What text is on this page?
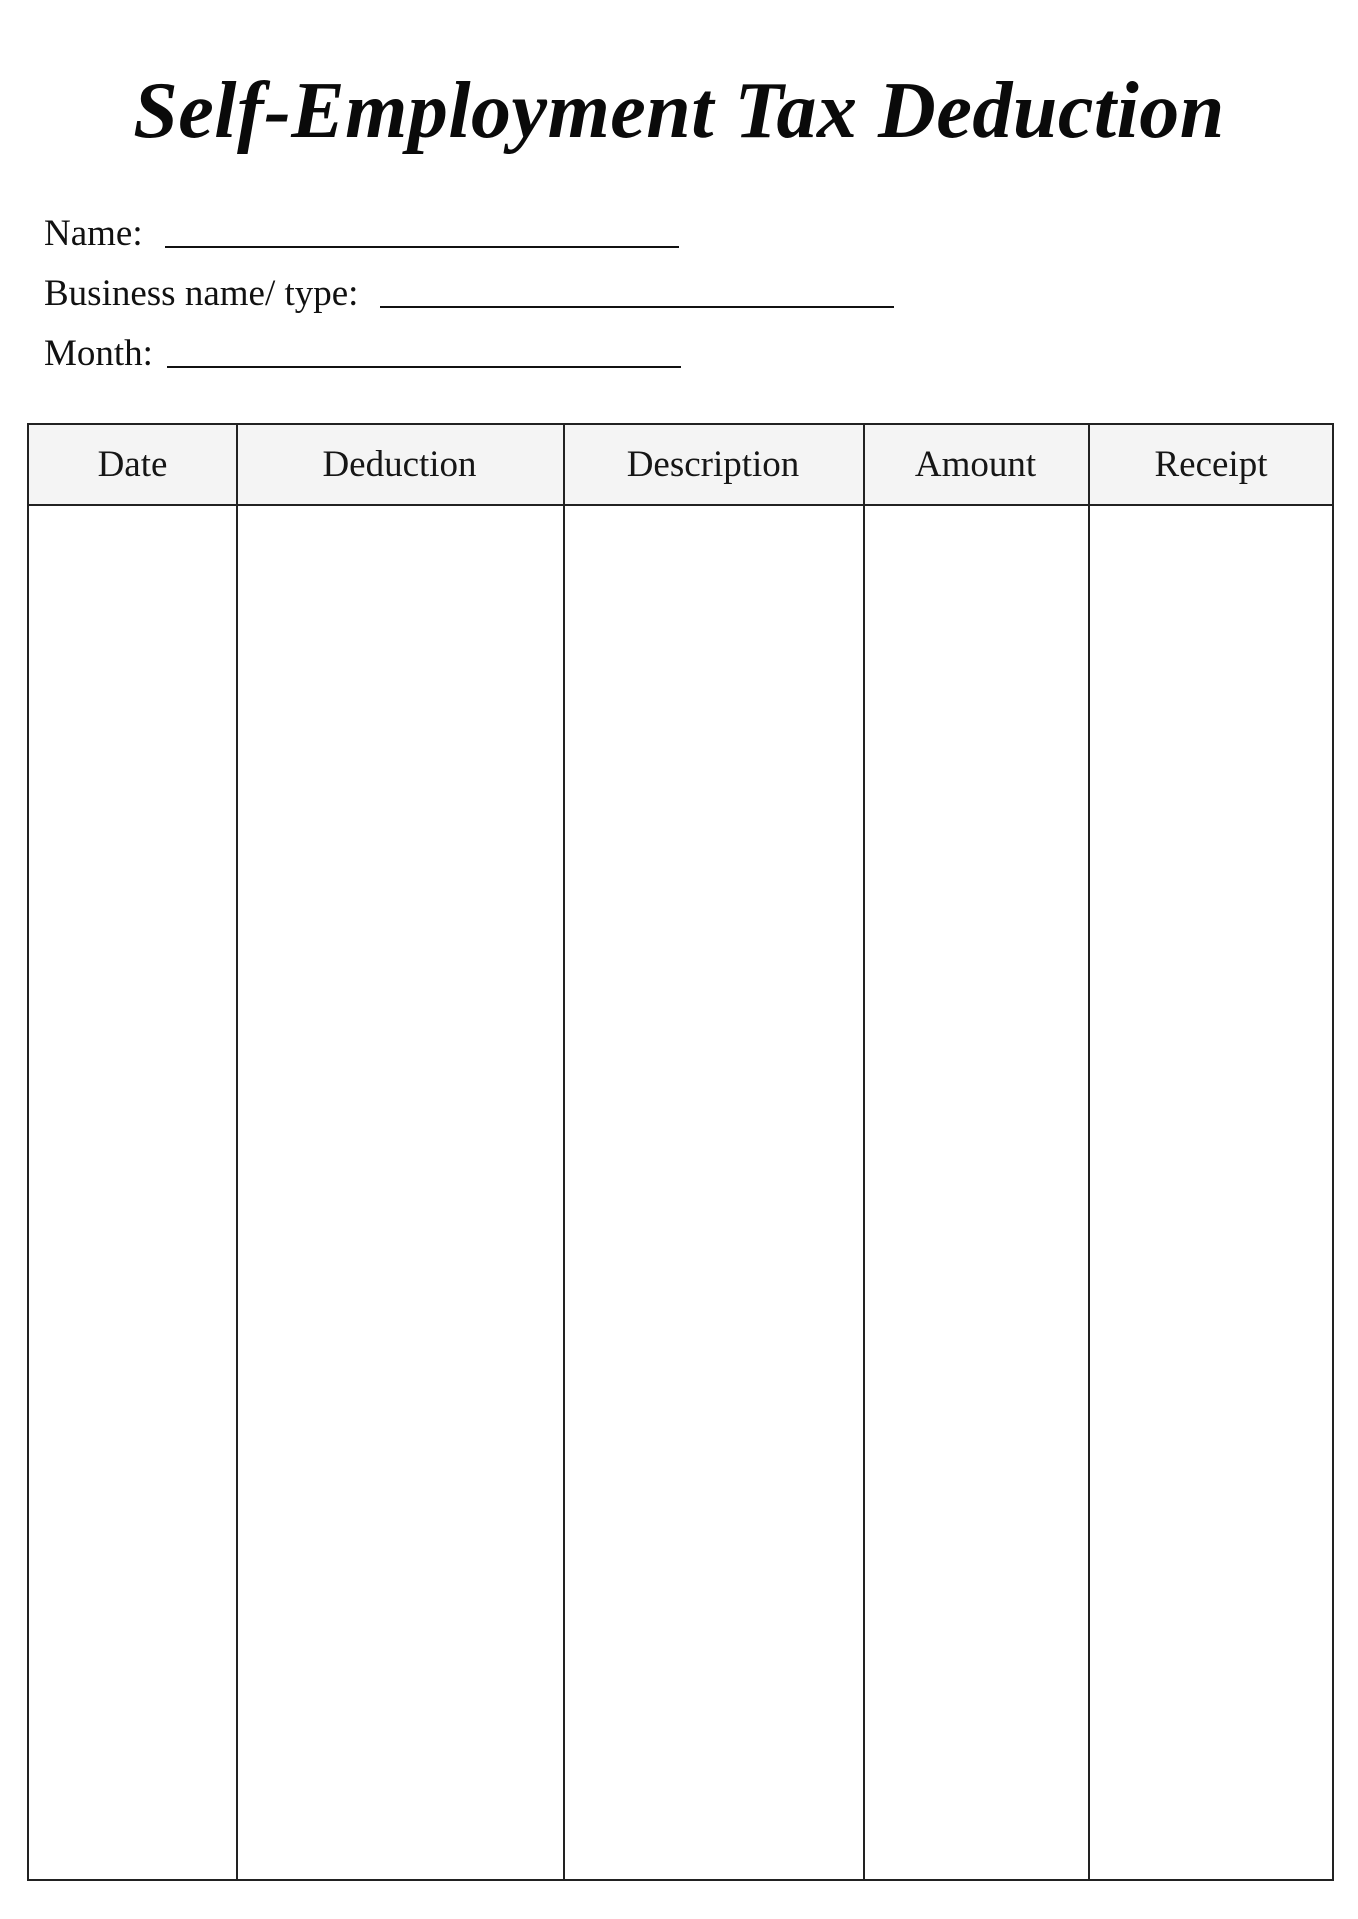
Self-Employment Tax Deduction
Name:
Business name/ type:
Month:
Date	Deduction	Description	Amount	Receipt
